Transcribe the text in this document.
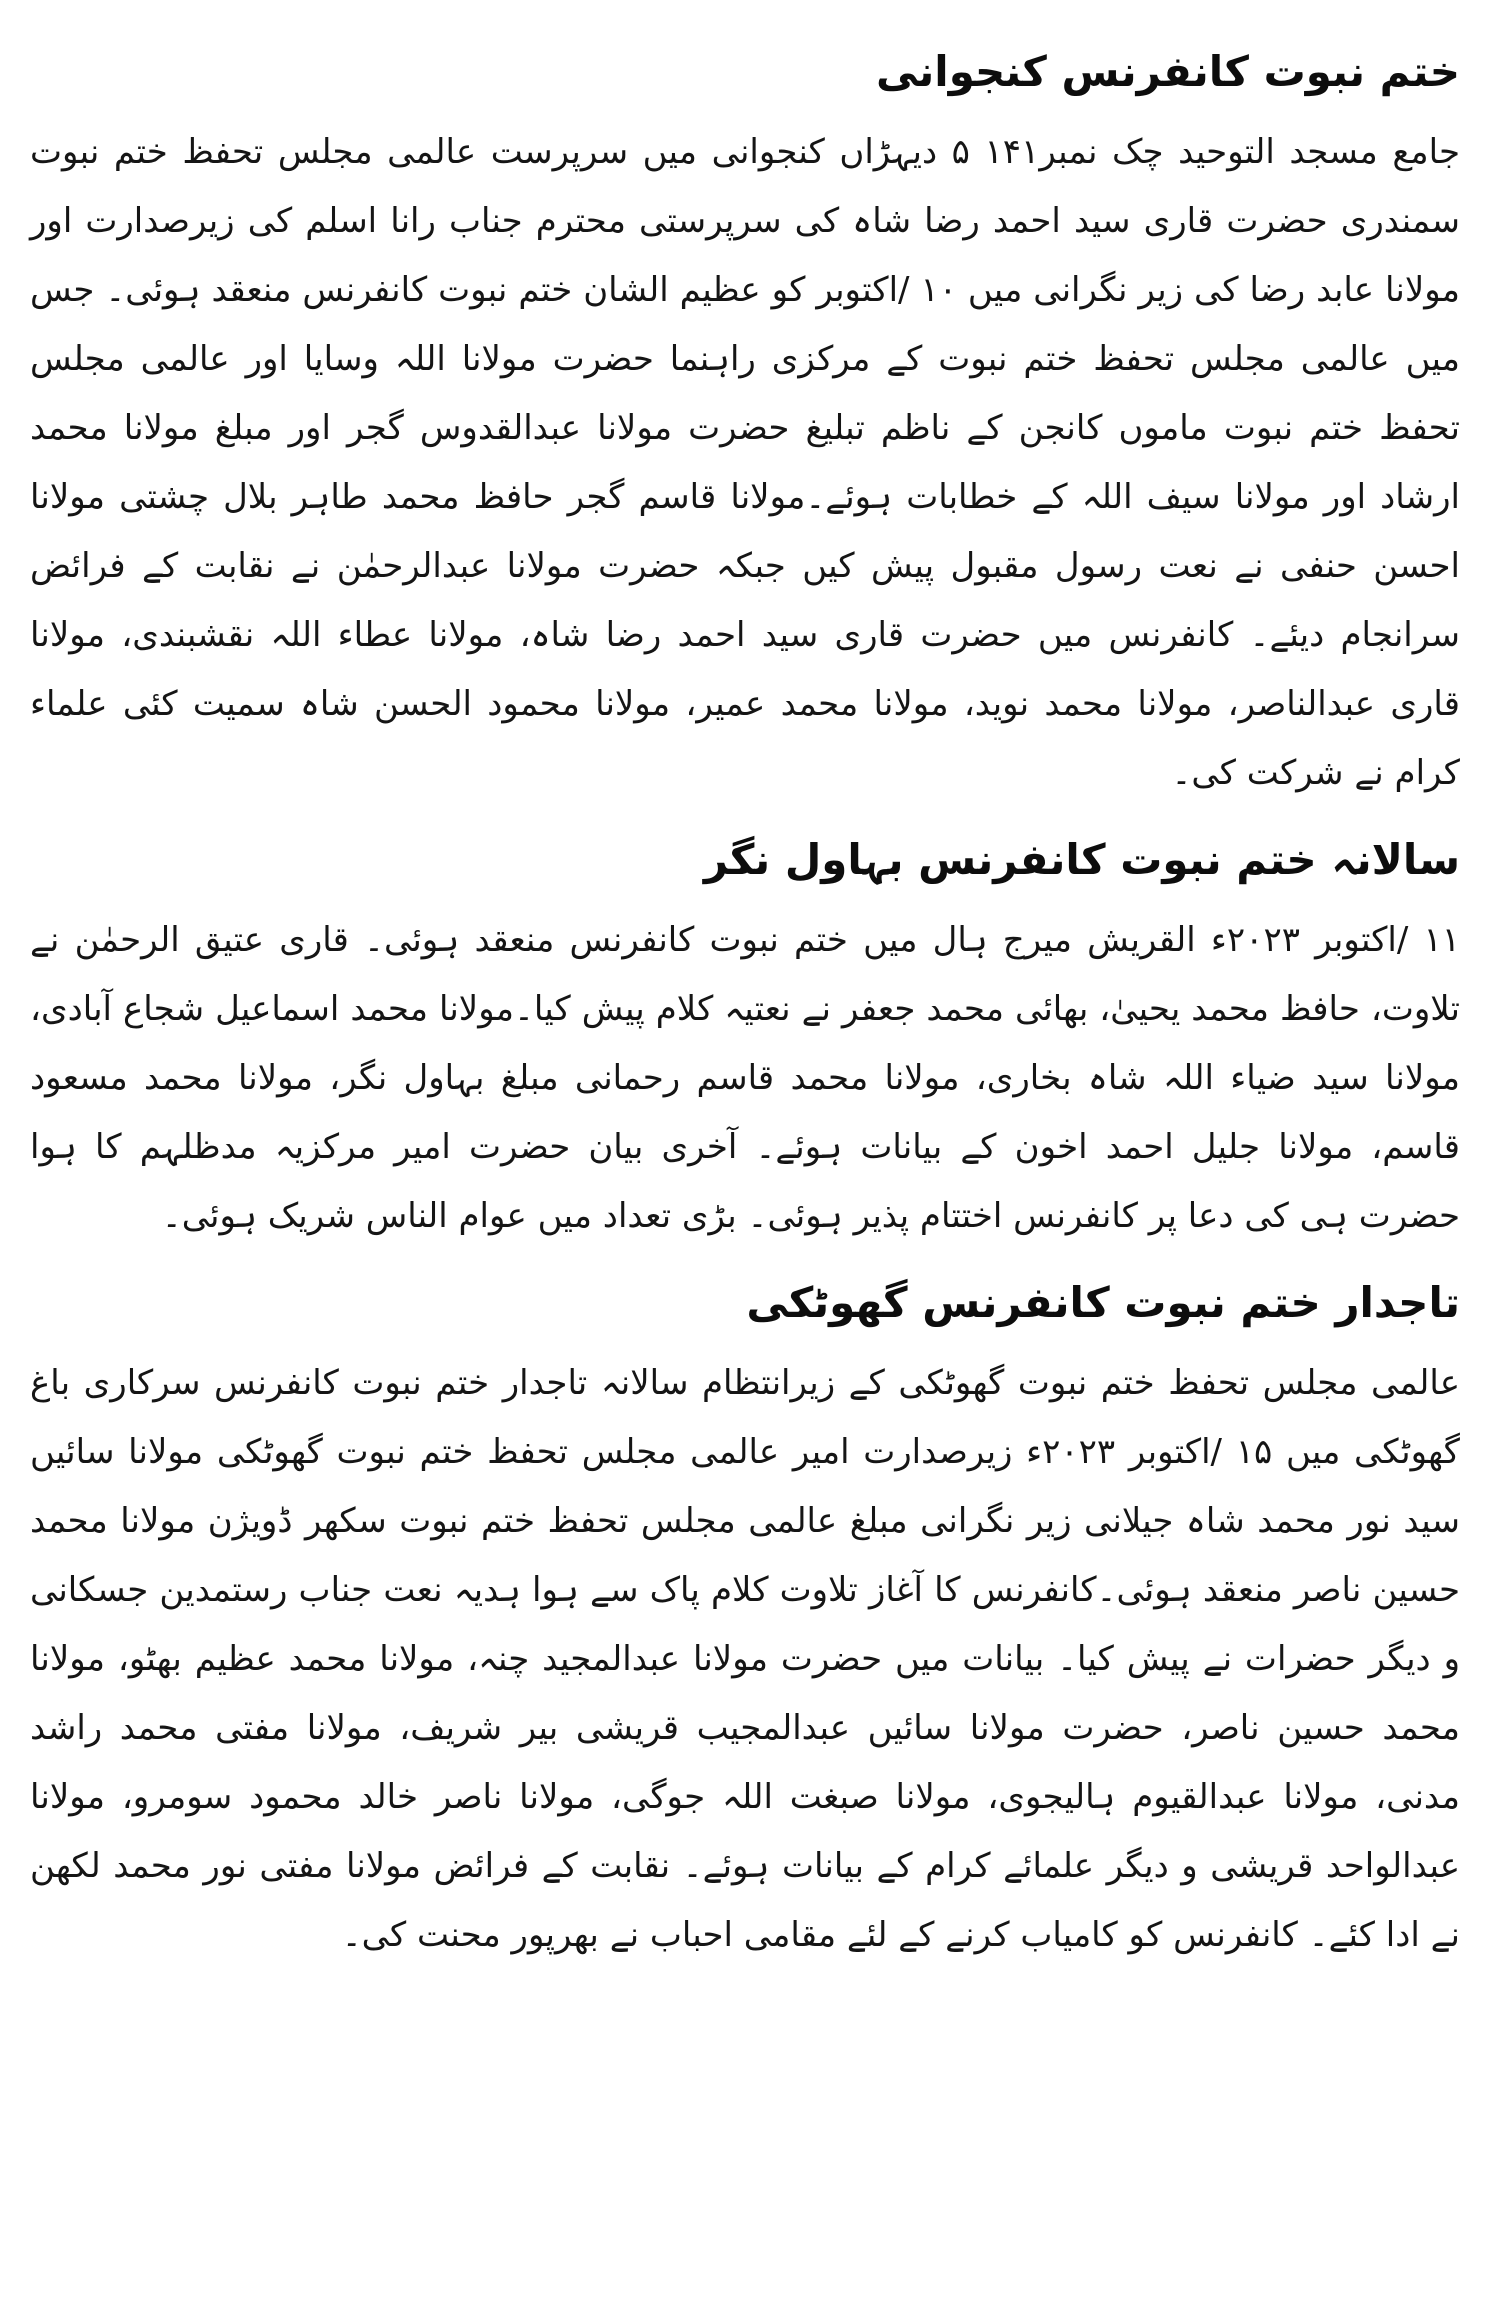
ختم نبوت کانفرنس کنجوانی

جامع مسجد التوحید چک نمبر۱۴۱ ۵ دیہڑاں کنجوانی میں سرپرست عالمی مجلس تحفظ ختم نبوت سمندری حضرت قاری سید احمد رضا شاہ کی سرپرستی محترم جناب رانا اسلم کی زیرصدارت اور مولانا عابد رضا کی زیر نگرانی میں ۱۰ /اکتوبر کو عظیم الشان ختم نبوت کانفرنس منعقد ہوئی۔ جس میں عالمی مجلس تحفظ ختم نبوت کے مرکزی راہنما حضرت مولانا اللہ وسایا اور عالمی مجلس تحفظ ختم نبوت ماموں کانجن کے ناظم تبلیغ حضرت مولانا عبدالقدوس گجر اور مبلغ مولانا محمد ارشاد اور مولانا سیف اللہ کے خطابات ہوئے۔مولانا قاسم گجر حافظ محمد طاہر بلال چشتی مولانا احسن حنفی نے نعت رسول مقبول پیش کیں جبکہ حضرت مولانا عبدالرحمٰن نے نقابت کے فرائض سرانجام دیئے۔ کانفرنس میں حضرت قاری سید احمد رضا شاہ، مولانا عطاء اللہ نقشبندی، مولانا قاری عبدالناصر، مولانا محمد نوید، مولانا محمد عمیر، مولانا محمود الحسن شاہ سمیت کئی علماء کرام نے شرکت کی۔

سالانہ ختم نبوت کانفرنس بہاول نگر

۱۱ /اکتوبر ۲۰۲۳ء القریش میرج ہال میں ختم نبوت کانفرنس منعقد ہوئی۔ قاری عتیق الرحمٰن نے تلاوت، حافظ محمد یحییٰ، بھائی محمد جعفر نے نعتیہ کلام پیش کیا۔مولانا محمد اسماعیل شجاع آبادی، مولانا سید ضیاء اللہ شاہ بخاری، مولانا محمد قاسم رحمانی مبلغ بہاول نگر، مولانا محمد مسعود قاسم، مولانا جلیل احمد اخون کے بیانات ہوئے۔ آخری بیان حضرت امیر مرکزیہ مدظلہم کا ہوا حضرت ہی کی دعا پر کانفرنس اختتام پذیر ہوئی۔ بڑی تعداد میں عوام الناس شریک ہوئی۔

تاجدار ختم نبوت کانفرنس گھوٹکی

عالمی مجلس تحفظ ختم نبوت گھوٹکی کے زیرانتظام سالانہ تاجدار ختم نبوت کانفرنس سرکاری باغ گھوٹکی میں ۱۵ /اکتوبر ۲۰۲۳ء زیرصدارت امیر عالمی مجلس تحفظ ختم نبوت گھوٹکی مولانا سائیں سید نور محمد شاہ جیلانی زیر نگرانی مبلغ عالمی مجلس تحفظ ختم نبوت سکھر ڈویژن مولانا محمد حسین ناصر منعقد ہوئی۔کانفرنس کا آغاز تلاوت کلام پاک سے ہوا ہدیہ نعت جناب رستمدین جسکانی و دیگر حضرات نے پیش کیا۔ بیانات میں حضرت مولانا عبدالمجید چنہ، مولانا محمد عظیم بھٹو، مولانا محمد حسین ناصر، حضرت مولانا سائیں عبدالمجیب قریشی بیر شریف، مولانا مفتی محمد راشد مدنی، مولانا عبدالقیوم ہالیجوی، مولانا صبغت اللہ جوگی، مولانا ناصر خالد محمود سومرو، مولانا عبدالواحد قریشی و دیگر علمائے کرام کے بیانات ہوئے۔ نقابت کے فرائض مولانا مفتی نور محمد لکھن نے ادا کئے۔ کانفرنس کو کامیاب کرنے کے لئے مقامی احباب نے بھرپور محنت کی۔
